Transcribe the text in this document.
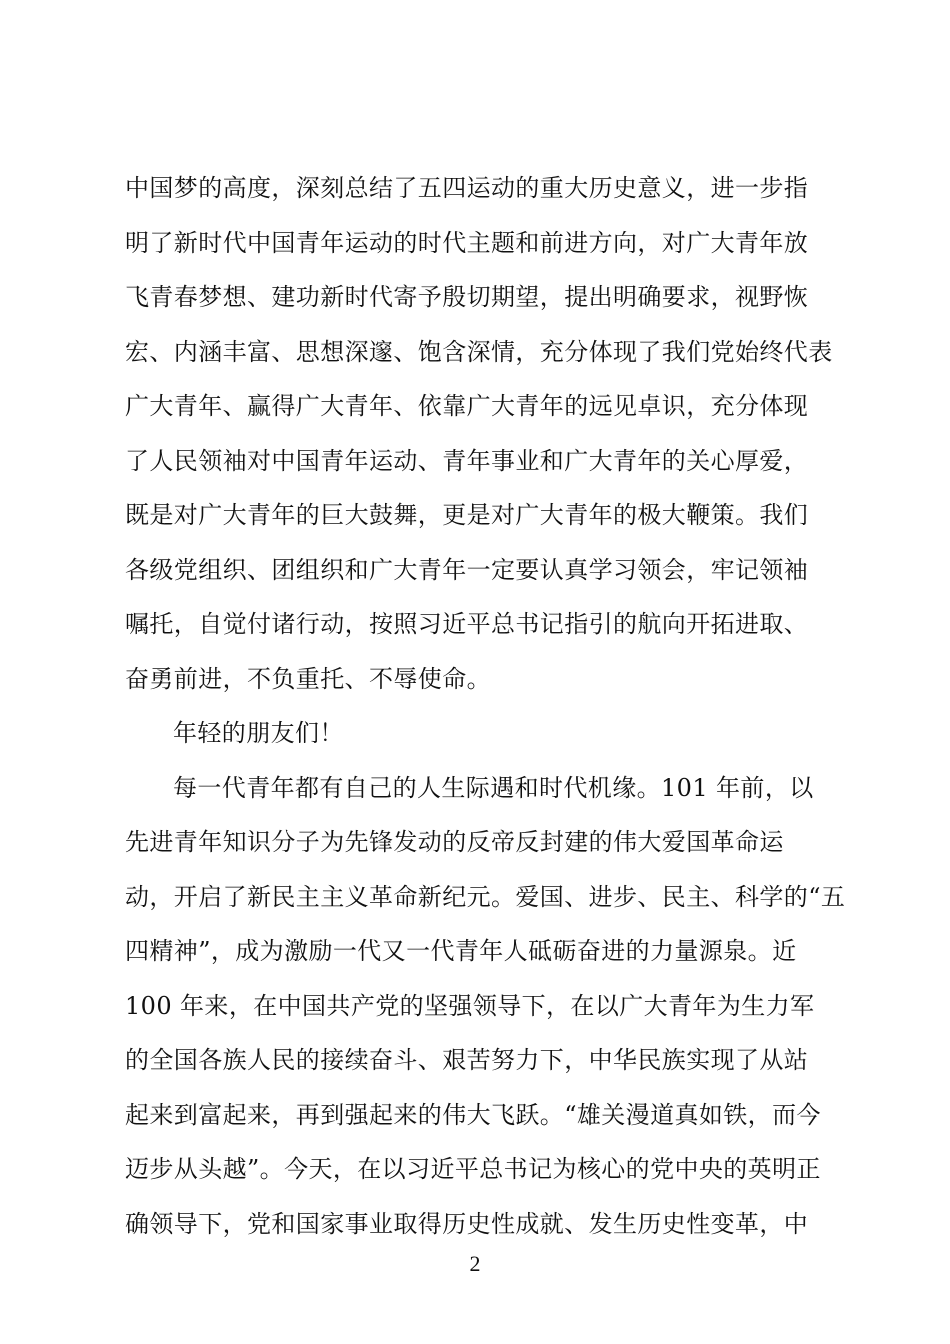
中国梦的高度，深刻总结了五四运动的重大历史意义，进一步指
明了新时代中国青年运动的时代主题和前进方向，对广大青年放
飞青春梦想、建功新时代寄予殷切期望，提出明确要求，视野恢
宏、内涵丰富、思想深邃、饱含深情，充分体现了我们党始终代表
广大青年、赢得广大青年、依靠广大青年的远见卓识，充分体现
了人民领袖对中国青年运动、青年事业和广大青年的关心厚爱，
既是对广大青年的巨大鼓舞，更是对广大青年的极大鞭策。我们
各级党组织、团组织和广大青年一定要认真学习领会，牢记领袖
嘱托，自觉付诸行动，按照习近平总书记指引的航向开拓进取、
奋勇前进，不负重托、不辱使命。
年轻的朋友们！
每一代青年都有自己的人生际遇和时代机缘。101 年前，以
先进青年知识分子为先锋发动的反帝反封建的伟大爱国革命运
动，开启了新民主主义革命新纪元。爱国、进步、民主、科学的“五
四精神”，成为激励一代又一代青年人砥砺奋进的力量源泉。近
100 年来，在中国共产党的坚强领导下，在以广大青年为生力军
的全国各族人民的接续奋斗、艰苦努力下，中华民族实现了从站
起来到富起来，再到强起来的伟大飞跃。“雄关漫道真如铁，而今
迈步从头越”。今天，在以习近平总书记为核心的党中央的英明正
确领导下，党和国家事业取得历史性成就、发生历史性变革，中
2
